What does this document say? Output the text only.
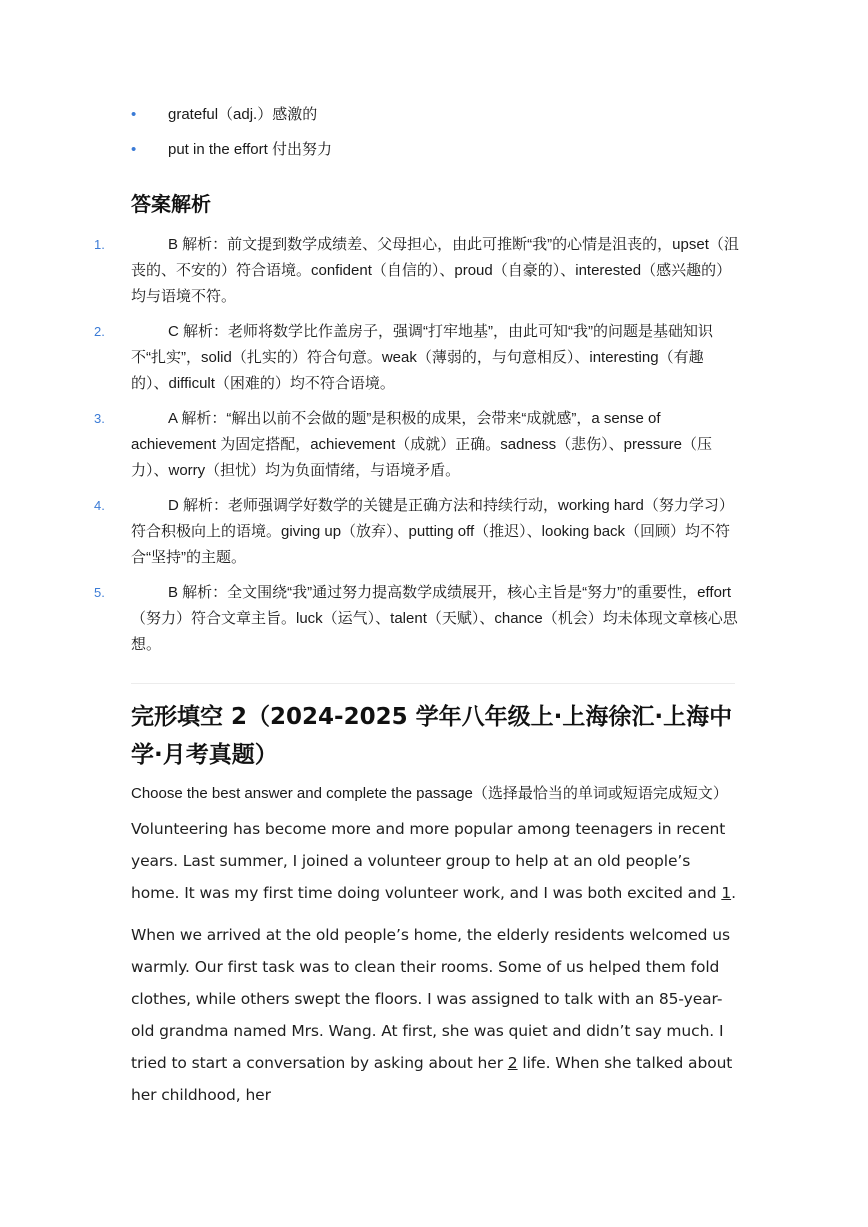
• grateful（adj.）感激的
• put in the effort 付出努力
答案解析
1.	B 解析：前文提到数学成绩差、父母担心，由此可推断“我”的心情是沮丧的，upset（沮丧的、不安的）符合语境。confident（自信的）、proud（自豪的）、interested（感兴趣的）均与语境不符。
2.	C 解析：老师将数学比作盖房子，强调“打牢地基”，由此可知“我”的问题是基础知识不“扎实”，solid（扎实的）符合句意。weak（薄弱的，与句意相反）、interesting（有趣的）、difficult（困难的）均不符合语境。
3.	A 解析：“解出以前不会做的题”是积极的成果，会带来“成就感”，a sense of achievement 为固定搭配，achievement（成就）正确。sadness（悲伤）、pressure（压力）、worry（担忧）均为负面情绪，与语境矛盾。
4.	D 解析：老师强调学好数学的关键是正确方法和持续行动，working hard（努力学习）符合积极向上的语境。giving up（放弃）、putting off（推迟）、looking back（回顾）均不符合“坚持”的主题。
5.	B 解析：全文围绕“我”通过努力提高数学成绩展开，核心主旨是“努力”的重要性，effort（努力）符合文章主旨。luck（运气）、talent（天赋）、chance（机会）均未体现文章核心思想。
完形填空 2（2024-2025 学年八年级上·上海徐汇·上海中学·月考真题）

Choose the best answer and complete the passage（选择最恰当的单词或短语完成短文）

Volunteering has become more and more popular among teenagers in recent years. Last summer, I joined a volunteer group to help at an old people’s home. It was my first time doing volunteer work, and I was both excited and 1.

When we arrived at the old people’s home, the elderly residents welcomed us warmly. Our first task was to clean their rooms. Some of us helped them fold clothes, while others swept the floors. I was assigned to talk with an 85-year-old grandma named Mrs. Wang. At first, she was quiet and didn’t say much. I tried to start a conversation by asking about her 2 life. When she talked about her childhood, her
